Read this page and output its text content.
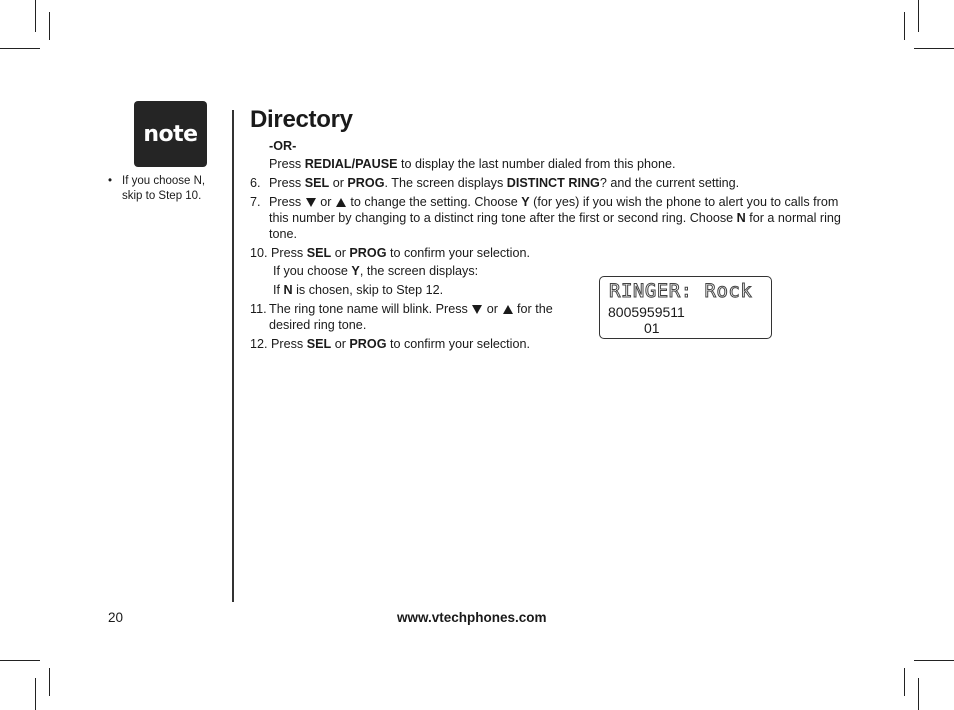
note
• If you choose N, skip to Step 10.
Directory
-OR-
Press REDIAL/PAUSE to display the last number dialed from this phone.
6. Press SEL or PROG. The screen displays DISTINCT RING? and the current setting.
7. Press  or  to change the setting. Choose Y (for yes) if you wish the phone to alert you to calls from this number by changing to a distinct ring tone after the first or second ring. Choose N for a normal ring tone.
10. Press SEL or PROG to confirm your selection.
If you choose Y, the screen displays:
If N is chosen, skip to Step 12.
11. The ring tone name will blink. Press  or  for the
desired ring tone.
12. Press SEL or PROG to confirm your selection.
RINGER: Rock
8005959511
01
20	www.vtechphones.com
